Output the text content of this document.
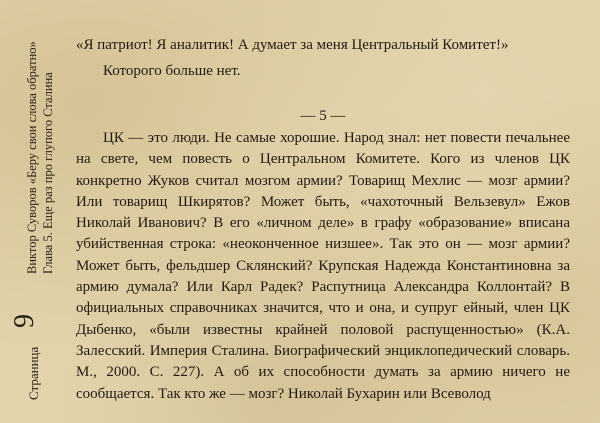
Страница
9
Виктор Суворов «Беру свои слова обратно» Глава 5. Еще раз про глупого Сталина
«Я патриот! Я аналитик! А думает за меня Центральный Комитет!»
Которого больше нет.
— 5 —

ЦК — это люди. Не самые хорошие. Народ знал: нет повести печальнее на свете, чем повесть о Центральном Комитете. Кого из членов ЦК конкретно Жуков считал мозгом армии? Товарищ Мехлис — мозг армии? Или товарищ Шкирятов? Может быть, «чахоточный Вельзевул» Ежов Николай Иванович? В его «личном деле» в графу «образование» вписана убийственная строка: «неоконченное низшее». Так это он — мозг армии? Может быть, фельдшер Склянский? Крупская Надежда Константиновна за армию думала? Или Карл Радек? Распутница Александра Коллонтай? В официальных справочниках значится, что и она, и супруг ейный, член ЦК Дыбенко, «были известны крайней половой распущенностью» (К.А. Залесский. Империя Сталина. Биографический энциклопедический словарь. М., 2000. С. 227). А об их способности думать за армию ничего не сообщается. Так кто же — мозг? Николай Бухарин или Всеволод
